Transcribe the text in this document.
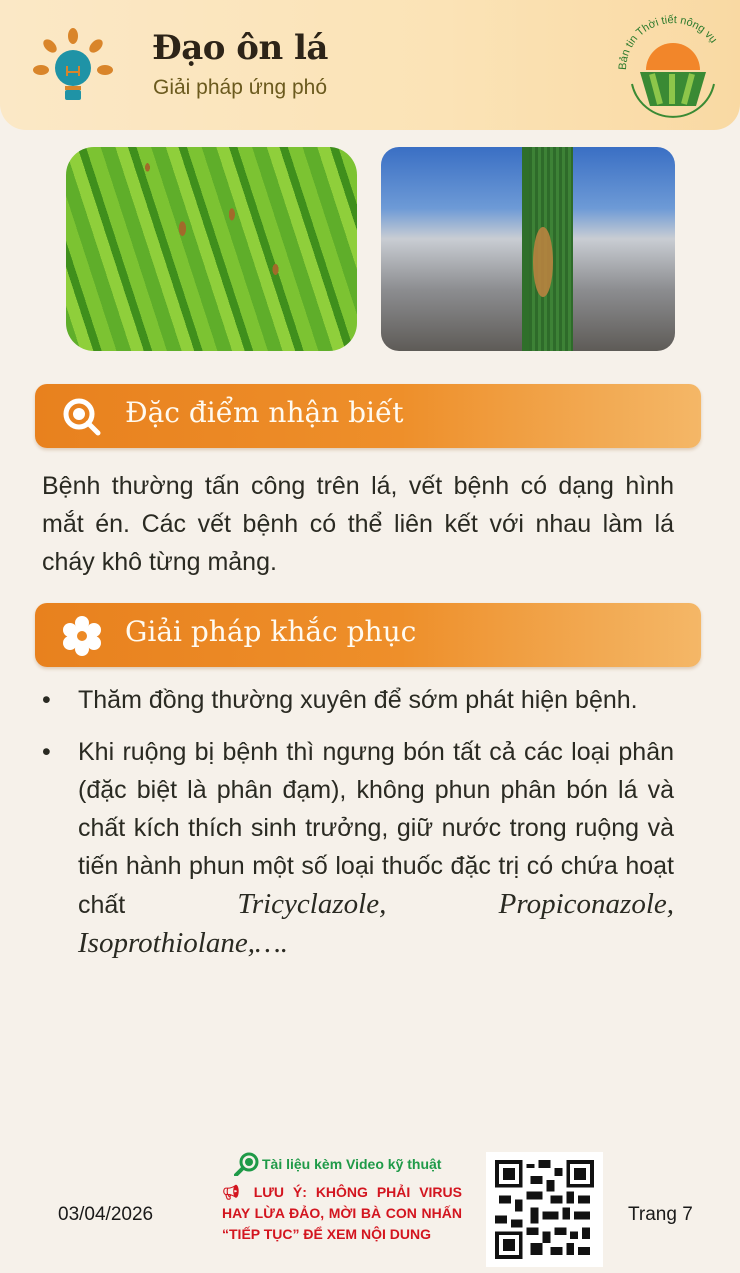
Đạo ôn lá
Giải pháp ứng phó
Bản tin Thời tiết nông vụ
Đặc điểm nhận biết
Bệnh thường tấn công trên lá, vết bệnh có dạng hình mắt én. Các vết bệnh có thể liên kết với nhau làm lá cháy khô từng mảng.
Giải pháp khắc phục
• Thăm đồng thường xuyên để sớm phát hiện bệnh.
• Khi ruộng bị bệnh thì ngưng bón tất cả các loại phân (đặc biệt là phân đạm), không phun phân bón lá và chất kích thích sinh trưởng, giữ nước trong ruộng và tiến hành phun một số loại thuốc đặc trị có chứa hoạt chất Tricyclazole, Propiconazole, Isoprothiolane,….
Tài liệu kèm Video kỹ thuật
📢︎ LƯU Ý: KHÔNG PHẢI VIRUS HAY LỪA ĐẢO, MỜI BÀ CON NHẤN “TIẾP TỤC” ĐỂ XEM NỘI DUNG
03/04/2026	Trang 7
